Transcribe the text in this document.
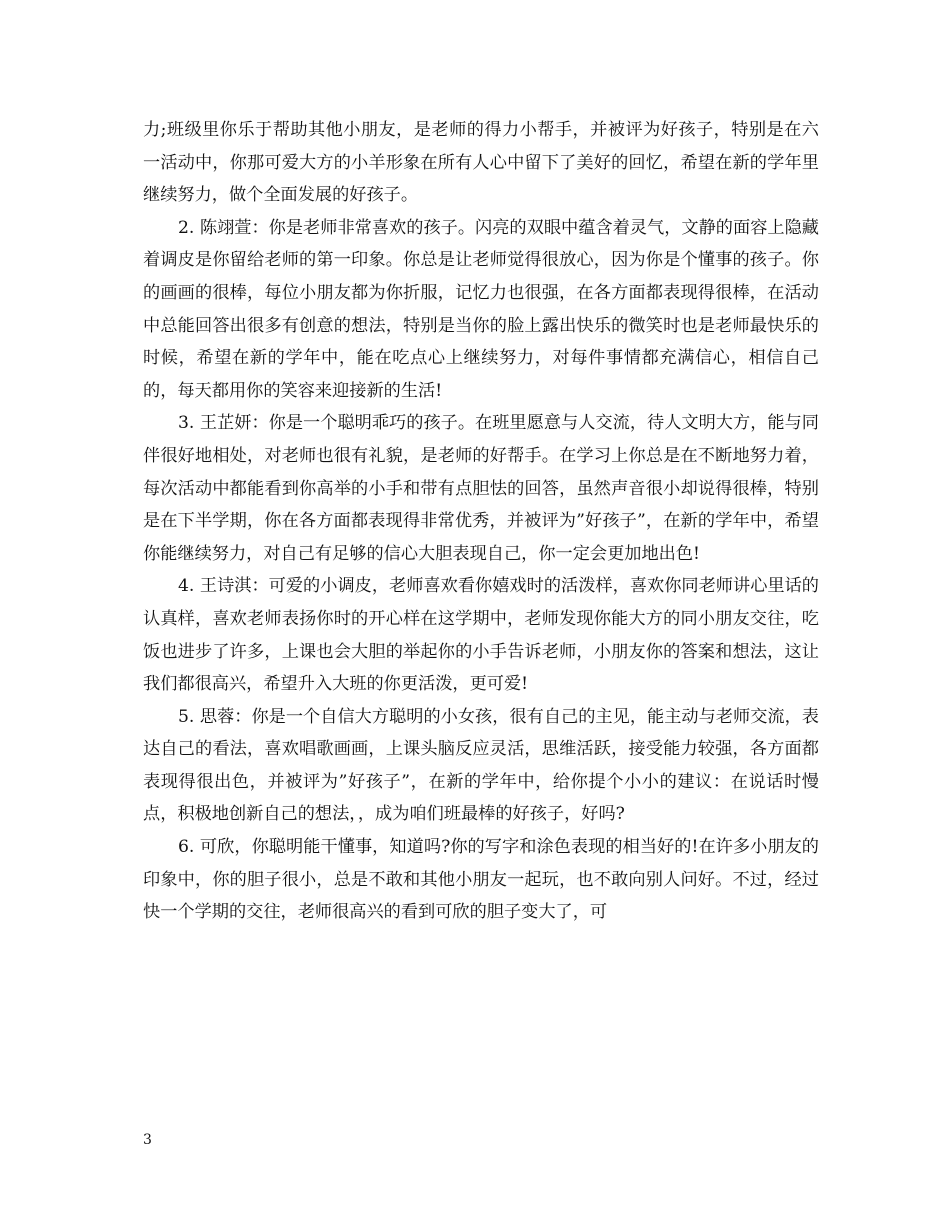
力;班级里你乐于帮助其他小朋友，是老师的得力小帮手，并被评为好孩子，特别是在六一活动中，你那可爱大方的小羊形象在所有人心中留下了美好的回忆，希望在新的学年里继续努力，做个全面发展的好孩子。

2. 陈翊萱：你是老师非常喜欢的孩子。闪亮的双眼中蕴含着灵气，文静的面容上隐藏着调皮是你留给老师的第一印象。你总是让老师觉得很放心，因为你是个懂事的孩子。你的画画的很棒，每位小朋友都为你折服，记忆力也很强，在各方面都表现得很棒，在活动中总能回答出很多有创意的想法，特别是当你的脸上露出快乐的微笑时也是老师最快乐的时候，希望在新的学年中，能在吃点心上继续努力，对每件事情都充满信心，相信自己的，每天都用你的笑容来迎接新的生活!

3. 王芷妍：你是一个聪明乖巧的孩子。在班里愿意与人交流，待人文明大方，能与同伴很好地相处，对老师也很有礼貌，是老师的好帮手。在学习上你总是在不断地努力着，每次活动中都能看到你高举的小手和带有点胆怯的回答，虽然声音很小却说得很棒，特别是在下半学期，你在各方面都表现得非常优秀，并被评为”好孩子”，在新的学年中，希望你能继续努力，对自己有足够的信心大胆表现自己，你一定会更加地出色!

4. 王诗淇：可爱的小调皮，老师喜欢看你嬉戏时的活泼样，喜欢你同老师讲心里话的认真样，喜欢老师表扬你时的开心样在这学期中，老师发现你能大方的同小朋友交往，吃饭也进步了许多，上课也会大胆的举起你的小手告诉老师，小朋友你的答案和想法，这让我们都很高兴，希望升入大班的你更活泼，更可爱!

5. 思蓉：你是一个自信大方聪明的小女孩，很有自己的主见，能主动与老师交流，表达自己的看法，喜欢唱歌画画，上课头脑反应灵活，思维活跃，接受能力较强，各方面都表现得很出色，并被评为”好孩子”，在新的学年中，给你提个小小的建议：在说话时慢点，积极地创新自己的想法，，成为咱们班最棒的好孩子，好吗?

6. 可欣，你聪明能干懂事，知道吗?你的写字和涂色表现的相当好的!在许多小朋友的印象中，你的胆子很小，总是不敢和其他小朋友一起玩，也不敢向别人问好。不过，经过快一个学期的交往，老师很高兴的看到可欣的胆子变大了，可

3
